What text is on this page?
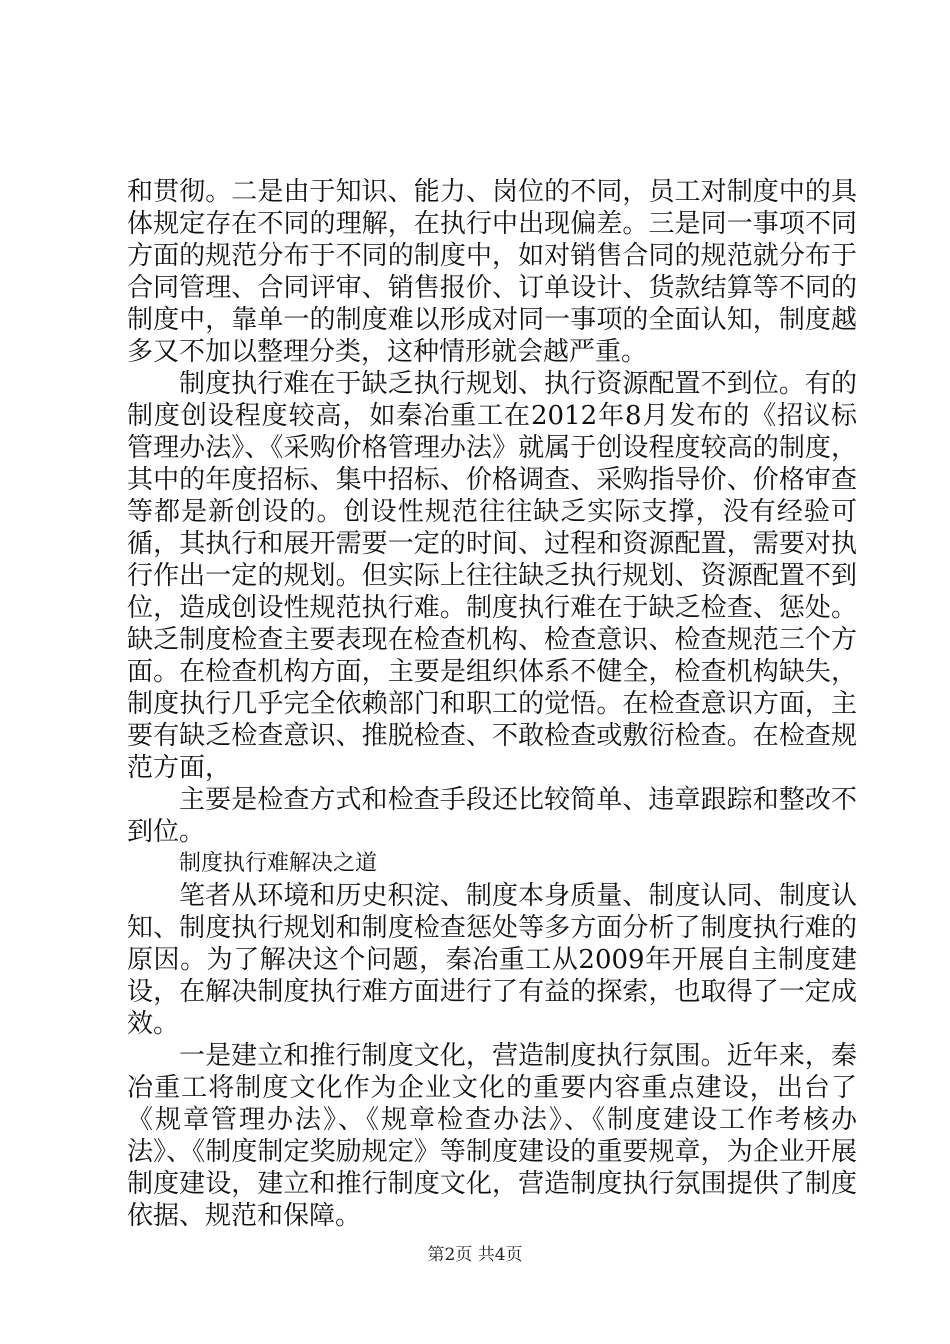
和贯彻。二是由于知识、能力、岗位的不同，员工对制度中的具体规定存在不同的理解，在执行中出现偏差。三是同一事项不同方面的规范分布于不同的制度中，如对销售合同的规范就分布于合同管理、合同评审、销售报价、订单设计、货款结算等不同的制度中，靠单一的制度难以形成对同一事项的全面认知，制度越多又不加以整理分类，这种情形就会越严重。

制度执行难在于缺乏执行规划、执行资源配置不到位。有的制度创设程度较高，如秦冶重工在2012年8月发布的《招议标管理办法》、《采购价格管理办法》就属于创设程度较高的制度，其中的年度招标、集中招标、价格调查、采购指导价、价格审查等都是新创设的。创设性规范往往缺乏实际支撑，没有经验可循，其执行和展开需要一定的时间、过程和资源配置，需要对执行作出一定的规划。但实际上往往缺乏执行规划、资源配置不到位，造成创设性规范执行难。制度执行难在于缺乏检查、惩处。缺乏制度检查主要表现在检查机构、检查意识、检查规范三个方面。在检查机构方面，主要是组织体系不健全，检查机构缺失，制度执行几乎完全依赖部门和职工的觉悟。在检查意识方面，主要有缺乏检查意识、推脱检查、不敢检查或敷衍检查。在检查规范方面，

主要是检查方式和检查手段还比较简单、违章跟踪和整改不到位。

制度执行难解决之道

笔者从环境和历史积淀、制度本身质量、制度认同、制度认知、制度执行规划和制度检查惩处等多方面分析了制度执行难的原因。为了解决这个问题，秦冶重工从2009年开展自主制度建设，在解决制度执行难方面进行了有益的探索，也取得了一定成效。

一是建立和推行制度文化，营造制度执行氛围。近年来，秦冶重工将制度文化作为企业文化的重要内容重点建设，出台了《规章管理办法》、《规章检查办法》、《制度建设工作考核办法》、《制度制定奖励规定》等制度建设的重要规章，为企业开展制度建设，建立和推行制度文化，营造制度执行氛围提供了制度依据、规范和保障。

第2页 共4页
